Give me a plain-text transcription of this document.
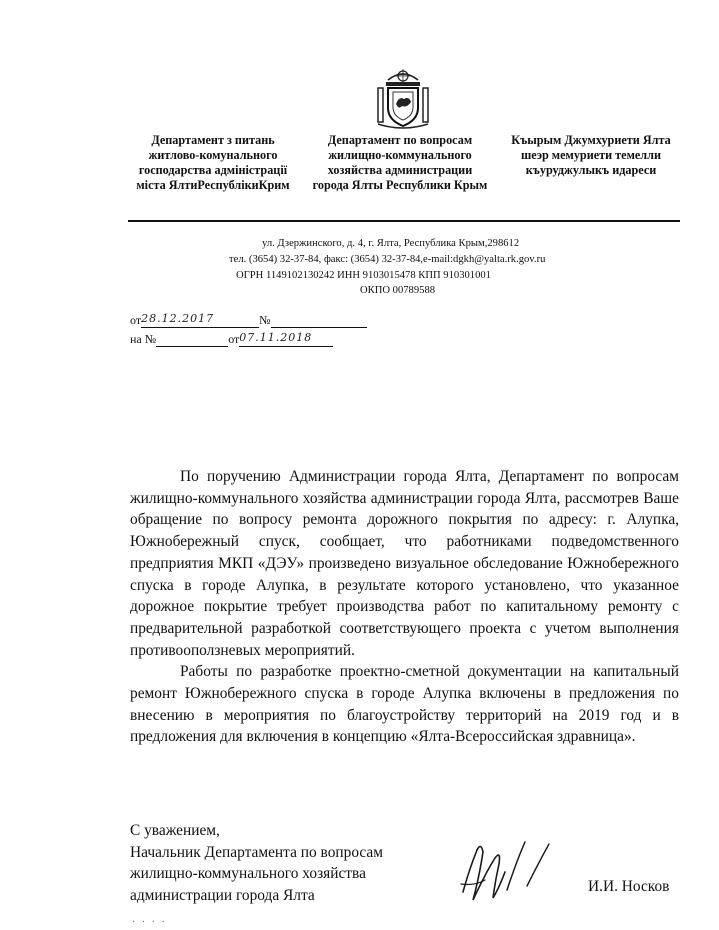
Департамент з питань житлово-комунального господарства адміністрації міста ЯлтиРеспублікиКрим
Департамент по вопросам жилищно-коммунального хозяйства администрации города Ялты Республики Крым
Къырым Джумхуриети Ялта шеэр мемуриети темелли къуруджулыкъ идареси
ул. Дзержинского, д. 4, г. Ялта, Республика Крым,298612
тел. (3654) 32-37-84, факс: (3654) 32-37-84,e-mail:dgkh@yalta.rk.gov.ru
ОГРН 1149102130242 ИНН 9103015478 КПП 910301001
ОКПО 00789588
от28.12.2017	№
на №	от07.11.2018

По поручению Администрации города Ялта, Департамент по вопросам жилищно-коммунального хозяйства администрации города Ялта, рассмотрев Ваше обращение по вопросу ремонта дорожного покрытия по адресу: г. Алупка, Южнобережный спуск, сообщает, что работниками подведомственного предприятия МКП «ДЭУ» произведено визуальное обследование Южнобережного спуска в городе Алупка, в результате которого установлено, что указанное дорожное покрытие требует производства работ по капитальному ремонту с предварительной разработкой соответствующего проекта с учетом выполнения противооползневых мероприятий.

Работы по разработке проектно-сметной документации на капитальный ремонт Южнобережного спуска в городе Алупка включены в предложения по внесению в мероприятия по благоустройству территорий на 2019 год и в предложения для включения в концепцию «Ялта-Всероссийская здравница».

С уважением,
Начальник Департамента по вопросам
жилищно-коммунального хозяйства
администрации города Ялта	И.И. Носков
· · · ·
